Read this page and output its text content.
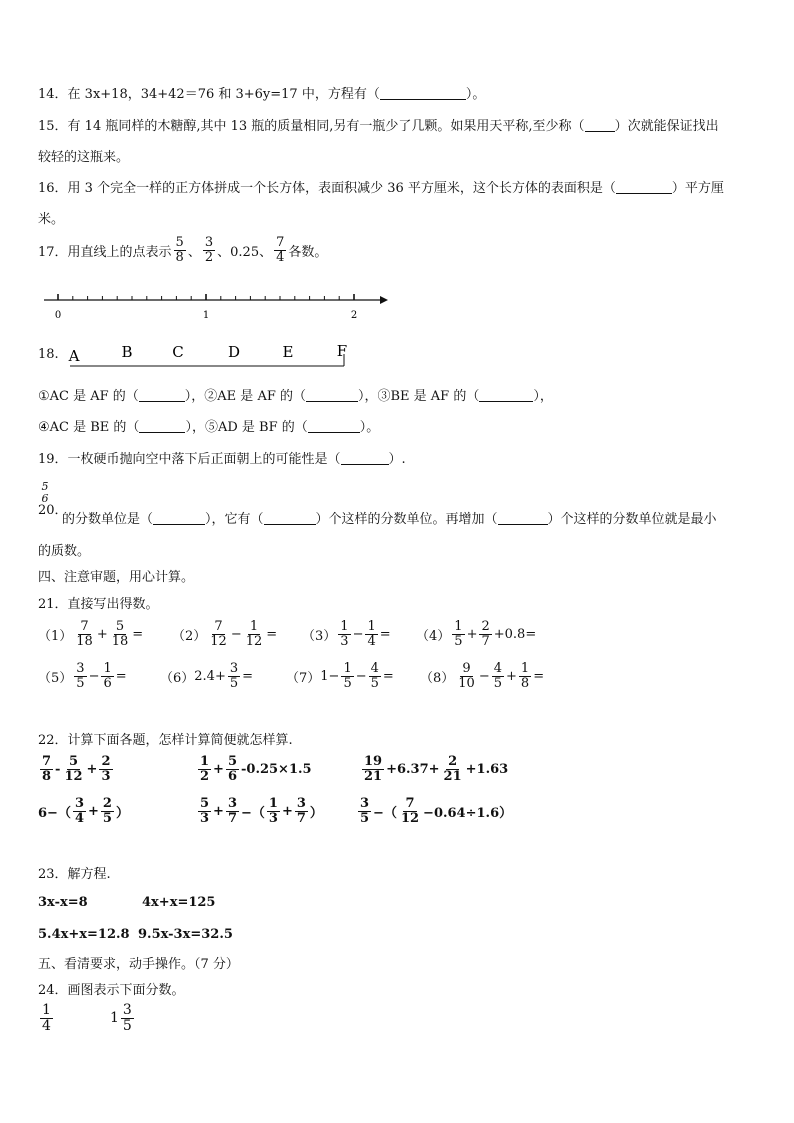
14．在 3x+18，34+42＝76 和 3+6y=17 中，方程有（	）。
15．有 14 瓶同样的木糖醇,其中 13 瓶的质量相同,另有一瓶少了几颗。如果用天平称,至少称（ ）次就能保证找出
较轻的这瓶来。
16．用 3 个完全一样的正方体拼成一个长方体，表面积减少 36 平方厘米，这个长方体的表面积是（	）平方厘
米。
17．用直线上的点表示 $\frac{5}{8}$ 、 $\frac{3}{2}$ 、 0.25、 $\frac{7}{4}$ 各数。
0	1	2
18. A	B	C	D	E	F
①AC 是 AF 的（	），②AE 是 AF 的（	），③BE 是 AF 的（	），
④AC 是 BE 的（	），⑤AD 是 BF 的（	）。
19．一枚硬币抛向空中落下后正面朝上的可能性是（	）.
20．
5
6
的分数单位是（	），它有（	）个这样的分数单位。再增加（	）个这样的分数单位就是最小
的质数。
四、注意审题，用心计算。
21．直接写出得数。
22．计算下面各题，怎样计算简便就怎样算.
23．解方程.
3x-x=8	4x+x=125
5.4x+x=12.8 9.5x-3x=32.5
五、看清要求，动手操作。（7 分）
24．画图表示下面分数。
$\frac{1}{4}$	$1 \frac{3}{5}$
$(1) \frac{7}{18} + \frac{5}{18} = (2) \frac{7}{12} - \frac{1}{12} = (3) \frac{1}{3} - \frac{1}{4} = (4) \frac{1}{5} + \frac{2}{7} +0.8=$
$(5) \frac{3}{5} - \frac{1}{6}$ =	（6） $2.4+ \frac{3}{5}$ =	（7） $1- \frac{1}{5} - \frac{4}{5} = (8) \frac{9}{10} - \frac{4}{5} + \frac{1}{8}$ =
$\frac{7}{8} - \frac{5}{12} + \frac{2}{3}$	$\frac{1}{2} + \frac{5}{6} -0.25\times 1.5$	$\frac{19}{21} +6.37+ \frac{2}{21} +1.63$
$6-( \frac{3}{4} + \frac{2}{5}$ ）	$\frac{5}{3} + \frac{3}{7}$ −（ $\frac{1}{3} + \frac{3}{7}$ ）	$\frac{3}{5}$ −（ $\frac{7}{12} -0.64\div 1.6$）
